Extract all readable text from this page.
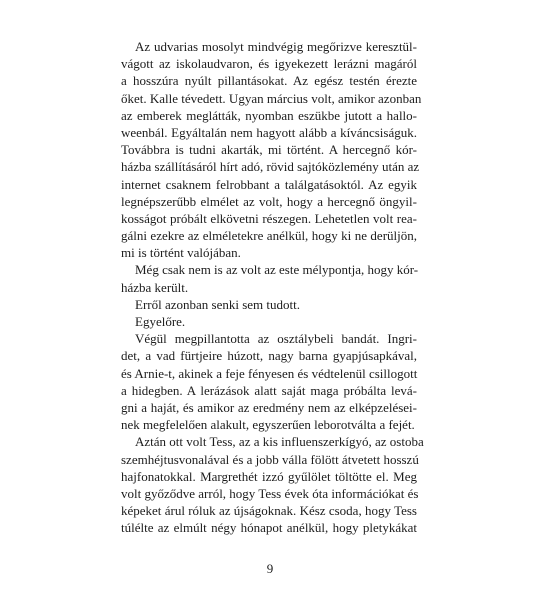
Az udvarias mosolyt mindvégig megőrizve keresztül-
vágott az iskolaudvaron, és igyekezett lerázni magáról
a hosszúra nyúlt pillantásokat. Az egész testén érezte
őket. Kalle tévedett. Ugyan március volt, amikor azonban
az emberek meglátták, nyomban eszükbe jutott a hallo-
weenbál. Egyáltalán nem hagyott alább a kíváncsiságuk.
Továbbra is tudni akarták, mi történt. A hercegnő kór-
házba szállításáról hírt adó, rövid sajtóközlemény után az
internet csaknem felrobbant a találgatásoktól. Az egyik
legnépszerűbb elmélet az volt, hogy a hercegnő öngyil-
kosságot próbált elkövetni részegen. Lehetetlen volt rea-
gálni ezekre az elméletekre anélkül, hogy ki ne derüljön,
mi is történt valójában.
Még csak nem is az volt az este mélypontja, hogy kór-
házba került.
Erről azonban senki sem tudott.
Egyelőre.
Végül megpillantotta az osztálybeli bandát. Ingri-
det, a vad fürtjeire húzott, nagy barna gyapjúsapkával,
és Arnie-t, akinek a feje fényesen és védtelenül csillogott
a hidegben. A lerázások alatt saját maga próbálta levá-
gni a haját, és amikor az eredmény nem az elképzelései-
nek megfelelően alakult, egyszerűen leborotválta a fejét.
Aztán ott volt Tess, az a kis influenszerkígyó, az ostoba
szemhéjtusvonalával és a jobb válla fölött átvetett hosszú
hajfonatokkal. Margrethét izzó gyűlölet töltötte el. Meg
volt győződve arról, hogy Tess évek óta információkat és
képeket árul róluk az újságoknak. Kész csoda, hogy Tess
túlélte az elmúlt négy hónapot anélkül, hogy pletykákat
9
